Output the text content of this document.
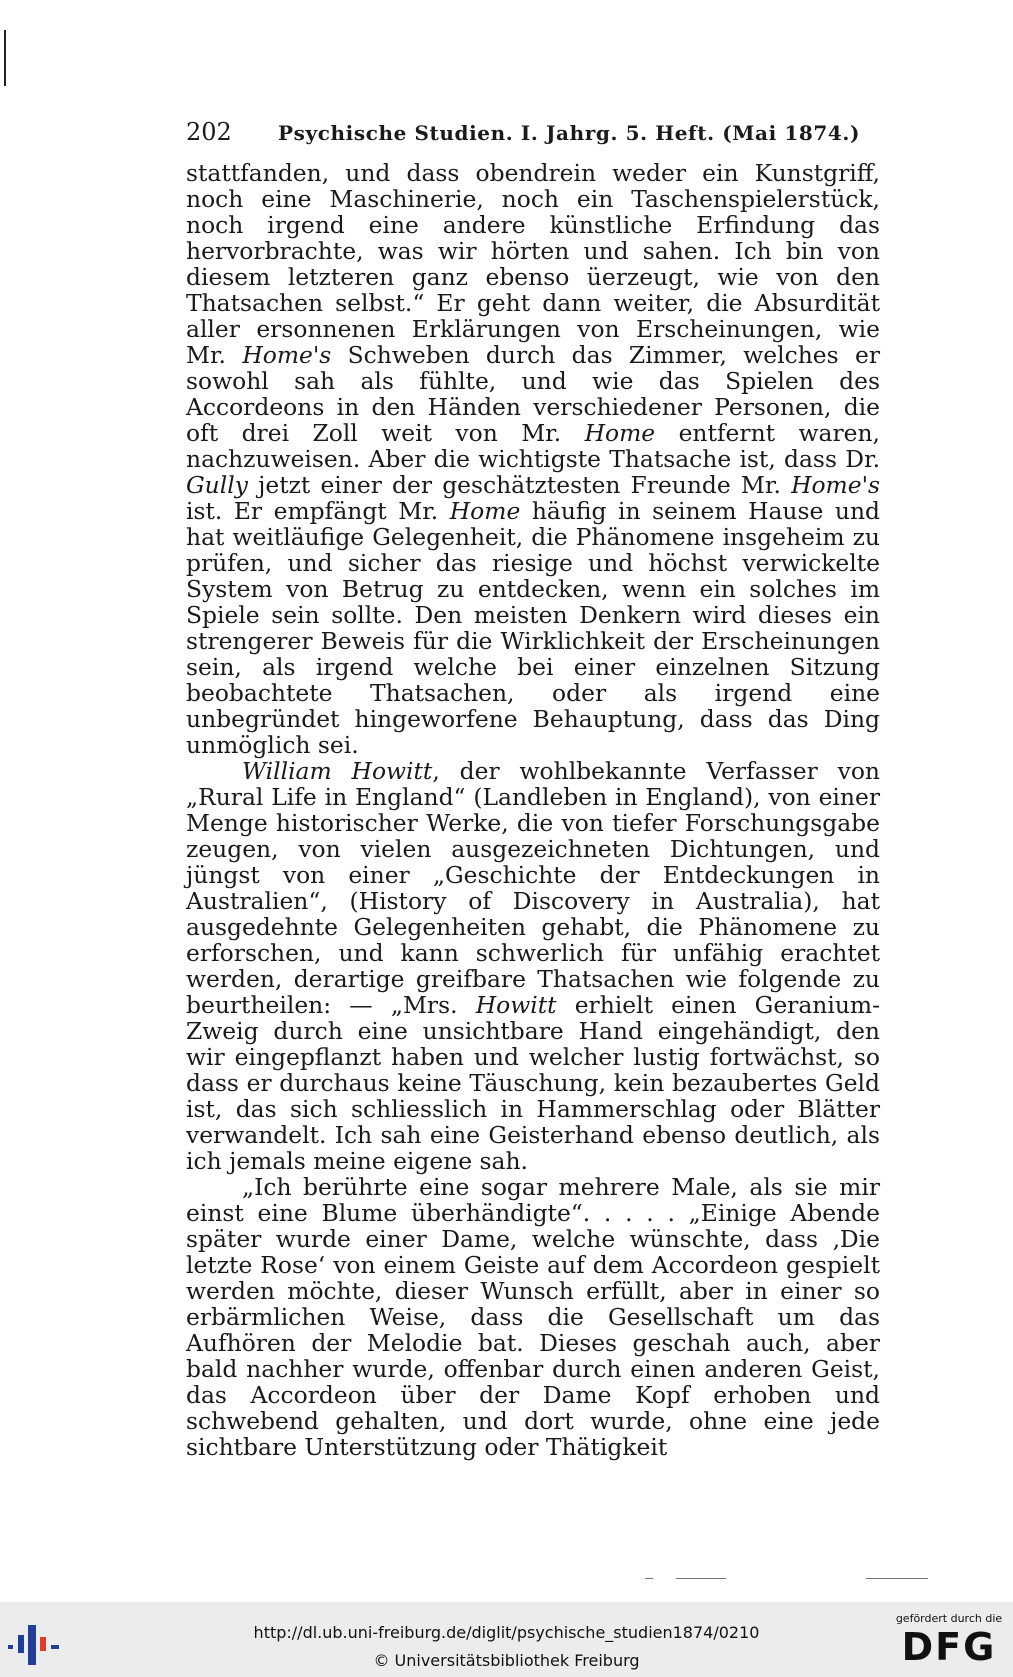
202 Psychische Studien. I. Jahrg. 5. Heft. (Mai 1874.)

stattfanden, und dass obendrein weder ein Kunstgriff, noch eine Maschinerie, noch ein Taschenspielerstück, noch irgend eine andere künstliche Erfindung das hervorbrachte, was wir hörten und sahen. Ich bin von diesem letzteren ganz ebenso üerzeugt, wie von den Thatsachen selbst.“ Er geht dann weiter, die Absurdität aller ersonnenen Erklärungen von Erscheinungen, wie Mr. Home's Schweben durch das Zimmer, welches er sowohl sah als fühlte, und wie das Spielen des Accordeons in den Händen verschiedener Personen, die oft drei Zoll weit von Mr. Home entfernt waren, nachzuweisen. Aber die wichtigste Thatsache ist, dass Dr. Gully jetzt einer der geschätztesten Freunde Mr. Home's ist. Er empfängt Mr. Home häufig in seinem Hause und hat weitläufige Gelegenheit, die Phänomene insgeheim zu prüfen, und sicher das riesige und höchst verwickelte System von Betrug zu entdecken, wenn ein solches im Spiele sein sollte. Den meisten Denkern wird dieses ein strengerer Beweis für die Wirklichkeit der Erscheinungen sein, als irgend welche bei einer einzelnen Sitzung beobachtete Thatsachen, oder als irgend eine unbegründet hingeworfene Behauptung, dass das Ding unmöglich sei.

William Howitt, der wohlbekannte Verfasser von „Rural Life in England“ (Landleben in England), von einer Menge historischer Werke, die von tiefer Forschungsgabe zeugen, von vielen ausgezeichneten Dichtungen, und jüngst von einer „Geschichte der Entdeckungen in Australien“, (History of Discovery in Australia), hat ausgedehnte Gelegenheiten gehabt, die Phänomene zu erforschen, und kann schwerlich für unfähig erachtet werden, derartige greifbare Thatsachen wie folgende zu beurtheilen: — „Mrs. Howitt erhielt einen Geranium-Zweig durch eine unsichtbare Hand eingehändigt, den wir eingepflanzt haben und welcher lustig fortwächst, so dass er durchaus keine Täuschung, kein bezaubertes Geld ist, das sich schliesslich in Hammerschlag oder Blätter verwandelt. Ich sah eine Geisterhand ebenso deutlich, als ich jemals meine eigene sah.

„Ich berührte eine sogar mehrere Male, als sie mir einst eine Blume überhändigte“. . . . . „Einige Abende später wurde einer Dame, welche wünschte, dass ‚Die letzte Rose‘ von einem Geiste auf dem Accordeon gespielt werden möchte, dieser Wunsch erfüllt, aber in einer so erbärmlichen Weise, dass die Gesellschaft um das Aufhören der Melodie bat. Dieses geschah auch, aber bald nachher wurde, offenbar durch einen anderen Geist, das Accordeon über der Dame Kopf erhoben und schwebend gehalten, und dort wurde, ohne eine jede sichtbare Unterstützung oder Thätigkeit

http://dl.ub.uni-freiburg.de/diglit/psychische_studien1874/0210
© Universitätsbibliothek Freiburg
gefördert durch die
DFG
